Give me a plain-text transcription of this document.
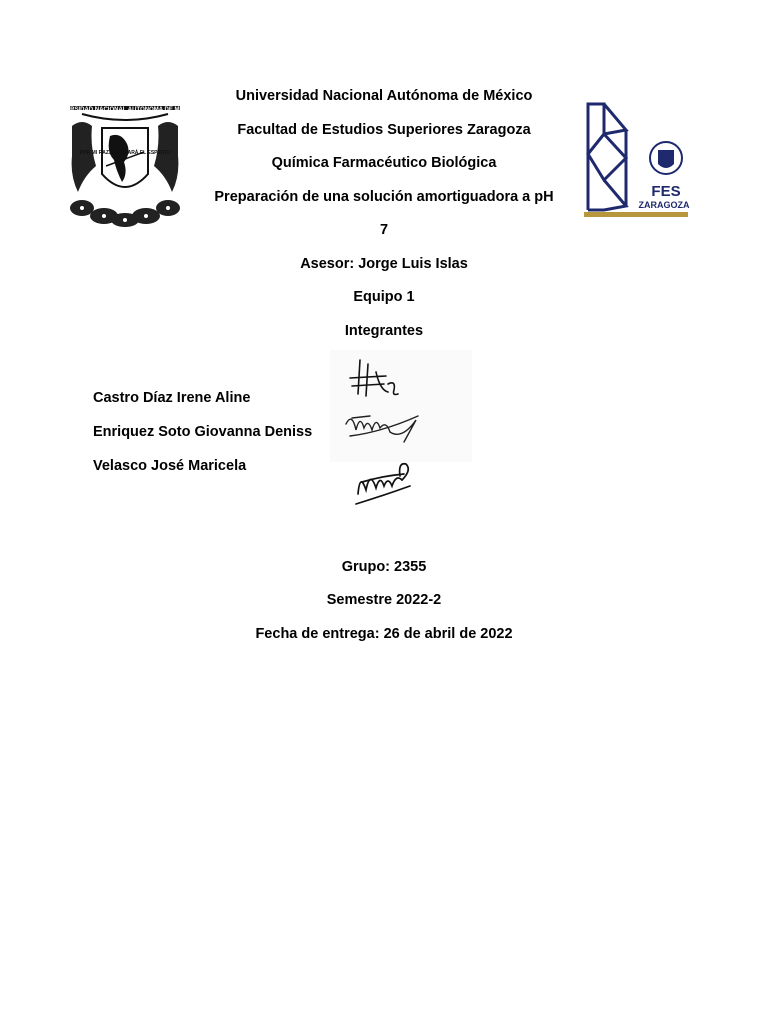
UNIVERSIDAD NACIONAL AUTÓNOMA DE MÉXICO
POR MI RAZA HABLARÁ EL ESPÍRITU
FES
ZARAGOZA
Universidad Nacional Autónoma de México
Facultad de Estudios Superiores Zaragoza
Química Farmacéutico Biológica
Preparación de una solución amortiguadora a pH
7
Asesor: Jorge Luis Islas
Equipo 1
Integrantes
Castro Díaz Irene Aline
Enriquez Soto Giovanna Deniss
Velasco José Maricela
Grupo: 2355
Semestre 2022-2
Fecha de entrega: 26 de abril de 2022
